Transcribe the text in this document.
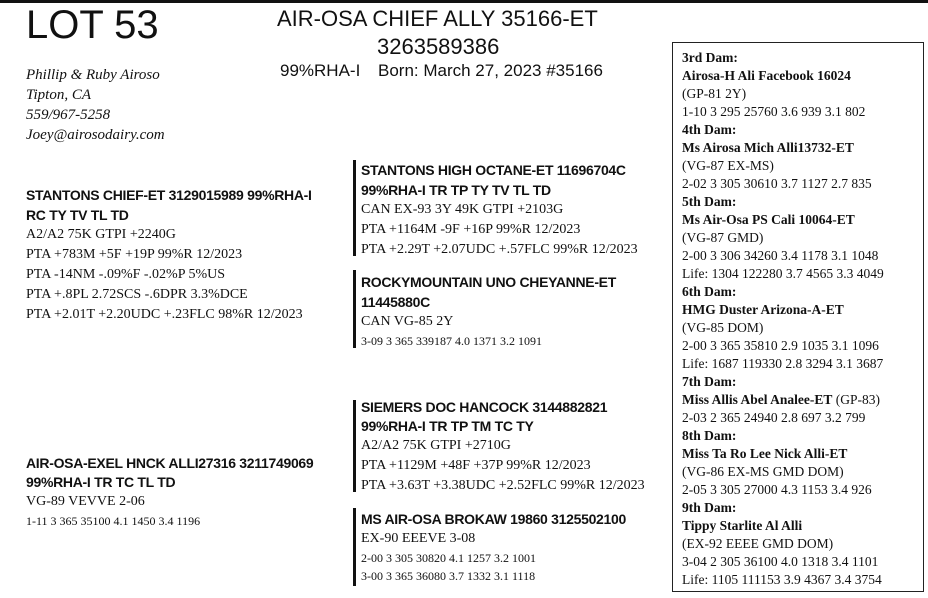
LOT 53	AIR-OSA CHIEF ALLY 35166-ET
3263589386
99%RHA-I Born: March 27, 2023 #35166
Phillip & Ruby Airoso
Tipton, CA
559/967-5258
Joey@airosodairy.com
STANTONS CHIEF-ET 3129015989 99%RHA-I
RC TY TV TL TD
A2/A2 75K GTPI +2240G
PTA +783M +5F +19P 99%R 12/2023
PTA -14NM -.09%F -.02%P 5%US
PTA +.8PL 2.72SCS -.6DPR 3.3%DCE
PTA +2.01T +2.20UDC +.23FLC 98%R 12/2023
STANTONS HIGH OCTANE-ET 11696704C
99%RHA-I TR TP TY TV TL TD
CAN EX-93 3Y 49K GTPI +2103G
PTA +1164M -9F +16P 99%R 12/2023
PTA +2.29T +2.07UDC +.57FLC 99%R 12/2023
ROCKYMOUNTAIN UNO CHEYANNE-ET
11445880C
CAN VG-85 2Y
3-09 3 365 339187 4.0 1371 3.2 1091
AIR-OSA-EXEL HNCK ALLI27316 3211749069
99%RHA-I TR TC TL TD
VG-89 VEVVE 2-06
1-11 3 365 35100 4.1 1450 3.4 1196
SIEMERS DOC HANCOCK 3144882821
99%RHA-I TR TP TM TC TY
A2/A2 75K GTPI +2710G
PTA +1129M +48F +37P 99%R 12/2023
PTA +3.63T +3.38UDC +2.52FLC 99%R 12/2023
MS AIR-OSA BROKAW 19860 3125502100
EX-90 EEEVE 3-08
2-00 3 305 30820 4.1 1257 3.2 1001
3-00 3 365 36080 3.7 1332 3.1 1118
3rd Dam:
Airosa-H Ali Facebook 16024
(GP-81 2Y)
1-10 3 295 25760 3.6 939 3.1 802
4th Dam:
Ms Airosa Mich Alli13732-ET
(VG-87 EX-MS)
2-02 3 305 30610 3.7 1127 2.7 835
5th Dam:
Ms Air-Osa PS Cali 10064-ET
(VG-87 GMD)
2-00 3 306 34260 3.4 1178 3.1 1048
Life: 1304 122280 3.7 4565 3.3 4049
6th Dam:
HMG Duster Arizona-A-ET
(VG-85 DOM)
2-00 3 365 35810 2.9 1035 3.1 1096
Life: 1687 119330 2.8 3294 3.1 3687
7th Dam:
Miss Allis Abel Analee-ET (GP-83)
2-03 2 365 24940 2.8 697 3.2 799
8th Dam:
Miss Ta Ro Lee Nick Alli-ET
(VG-86 EX-MS GMD DOM)
2-05 3 305 27000 4.3 1153 3.4 926
9th Dam:
Tippy Starlite Al Alli
(EX-92 EEEE GMD DOM)
3-04 2 305 36100 4.0 1318 3.4 1101
Life: 1105 111153 3.9 4367 3.4 3754
